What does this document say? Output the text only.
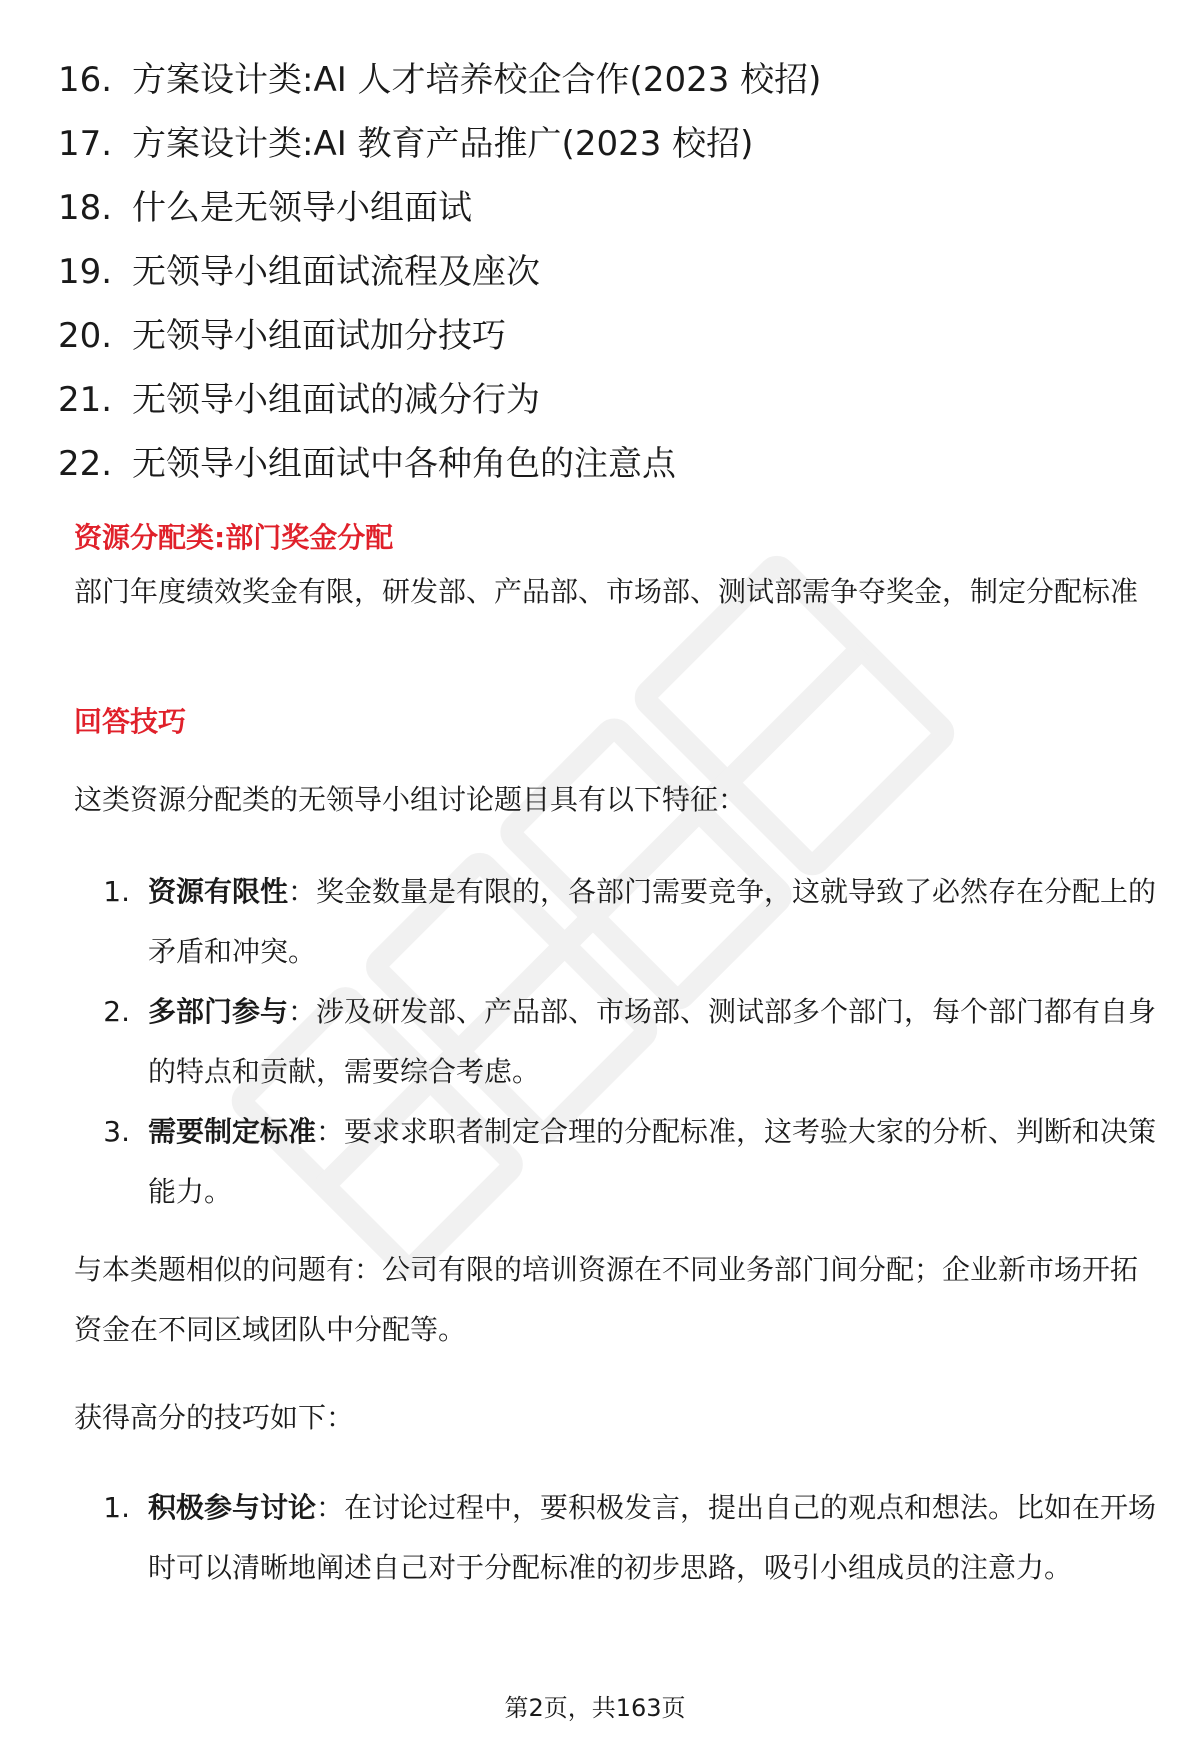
16. 方案设计类:AI 人才培养校企合作(2023 校招)
17. 方案设计类:AI 教育产品推广(2023 校招)
18. 什么是无领导小组面试
19. 无领导小组面试流程及座次
20. 无领导小组面试加分技巧
21. 无领导小组面试的减分行为
22. 无领导小组面试中各种角色的注意点
资源分配类:部门奖金分配
部门年度绩效奖金有限，研发部、产品部、市场部、测试部需争夺奖金，制定分配标准
回答技巧
这类资源分配类的无领导小组讨论题目具有以下特征：
1. 资源有限性：奖金数量是有限的，各部门需要竞争，这就导致了必然存在分配上的矛盾和冲突。
2. 多部门参与：涉及研发部、产品部、市场部、测试部多个部门，每个部门都有自身的特点和贡献，需要综合考虑。
3. 需要制定标准：要求求职者制定合理的分配标准，这考验大家的分析、判断和决策能力。
与本类题相似的问题有：公司有限的培训资源在不同业务部门间分配；企业新市场开拓资金在不同区域团队中分配等。
获得高分的技巧如下：
1. 积极参与讨论：在讨论过程中，要积极发言，提出自己的观点和想法。比如在开场时可以清晰地阐述自己对于分配标准的初步思路，吸引小组成员的注意力。
第2页，共163页
